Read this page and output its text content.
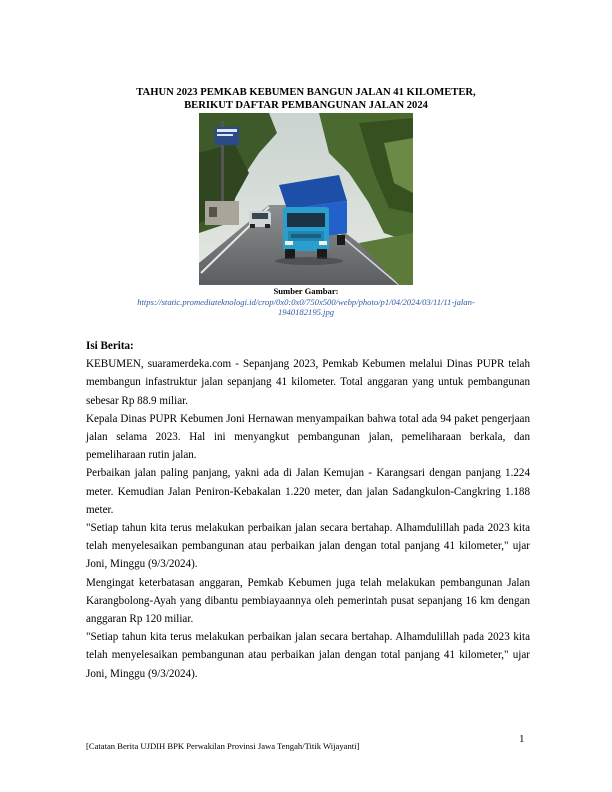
TAHUN 2023 PEMKAB KEBUMEN BANGUN JALAN 41 KILOMETER,
BERIKUT DAFTAR PEMBANGUNAN JALAN 2024
Sumber Gambar:
https://static.promediateknologi.id/crop/0x0:0x0/750x500/webp/photo/p1/04/2024/03/11/11-jalan-
1940182195.jpg
Isi Berita:

KEBUMEN, suaramerdeka.com - Sepanjang 2023, Pemkab Kebumen melalui Dinas PUPR telah membangun infastruktur jalan sepanjang 41 kilometer. Total anggaran yang untuk pembangunan sebesar Rp 88.9 miliar.

Kepala Dinas PUPR Kebumen Joni Hernawan menyampaikan bahwa total ada 94 paket pengerjaan jalan selama 2023. Hal ini menyangkut pembangunan jalan, pemeliharaan berkala, dan pemeliharaan rutin jalan.

Perbaikan jalan paling panjang, yakni ada di Jalan Kemujan - Karangsari dengan panjang 1.224 meter. Kemudian Jalan Peniron-Kebakalan 1.220 meter, dan jalan Sadangkulon-Cangkring 1.188 meter.

"Setiap tahun kita terus melakukan perbaikan jalan secara bertahap. Alhamdulillah pada 2023 kita telah menyelesaikan pembangunan atau perbaikan jalan dengan total panjang 41 kilometer," ujar Joni, Minggu (9/3/2024).

Mengingat keterbatasan anggaran, Pemkab Kebumen juga telah melakukan pembangunan Jalan Karangbolong-Ayah yang dibantu pembiayaannya oleh pemerintah pusat sepanjang 16 km dengan anggaran Rp 120 miliar.

"Setiap tahun kita terus melakukan perbaikan jalan secara bertahap. Alhamdulillah pada 2023 kita telah menyelesaikan pembangunan atau perbaikan jalan dengan total panjang 41 kilometer," ujar Joni, Minggu (9/3/2024).

1
[Catatan Berita UJDIH BPK Perwakilan Provinsi Jawa Tengah/Titik Wijayanti]
